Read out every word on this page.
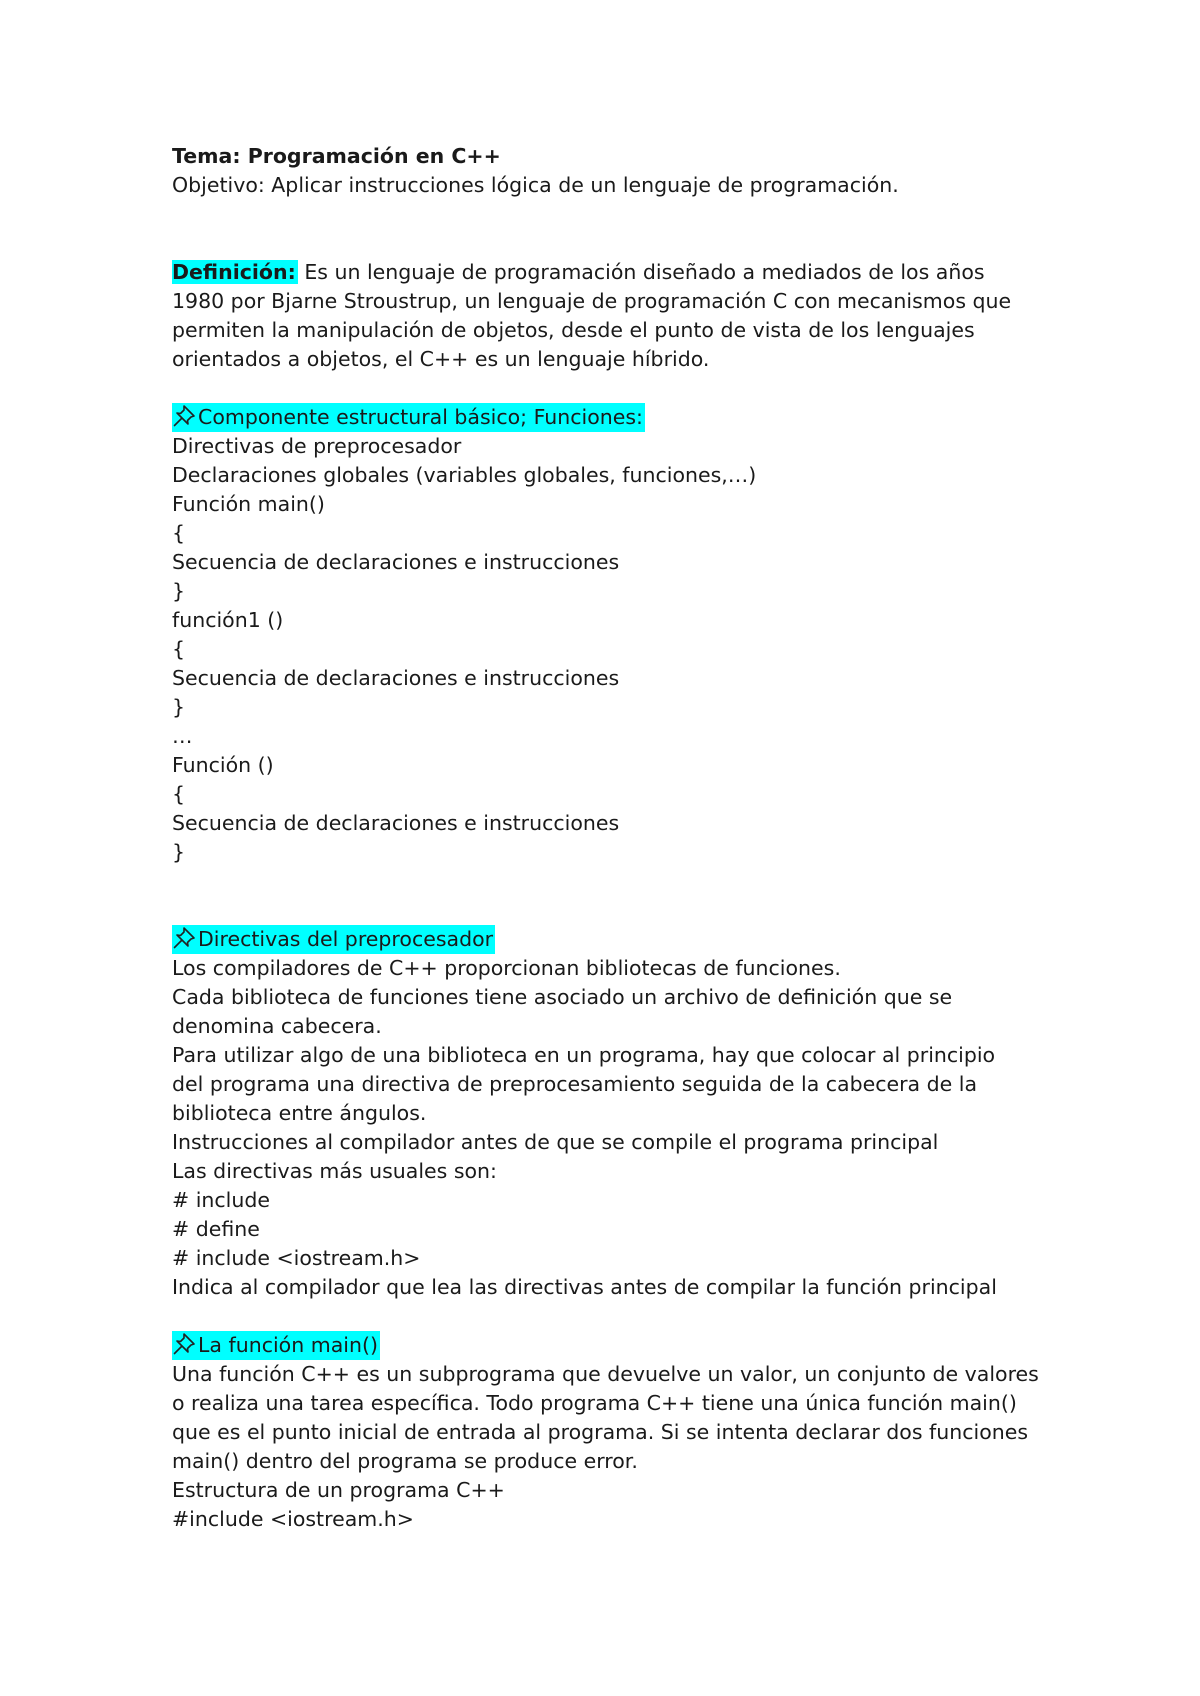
Tema: Programación en C++

Objetivo: Aplicar instrucciones lógica de un lenguaje de programación.

Definición: Es un lenguaje de programación diseñado a mediados de los años

1980 por Bjarne Stroustrup, un lenguaje de programación C con mecanismos que

permiten la manipulación de objetos, desde el punto de vista de los lenguajes

orientados a objetos, el C++ es un lenguaje híbrido.

Componente estructural básico; Funciones:

Directivas de preprocesador

Declaraciones globales (variables globales, funciones,…)

Función main()

{

Secuencia de declaraciones e instrucciones

}

función1 ()

{

Secuencia de declaraciones e instrucciones

}

…

Función ()

{

Secuencia de declaraciones e instrucciones

}

Directivas del preprocesador

Los compiladores de C++ proporcionan bibliotecas de funciones.

Cada biblioteca de funciones tiene asociado un archivo de definición que se

denomina cabecera.

Para utilizar algo de una biblioteca en un programa, hay que colocar al principio

del programa una directiva de preprocesamiento seguida de la cabecera de la

biblioteca entre ángulos.

Instrucciones al compilador antes de que se compile el programa principal

Las directivas más usuales son:

# include

# define

# include <iostream.h>

Indica al compilador que lea las directivas antes de compilar la función principal

La función main()

Una función C++ es un subprograma que devuelve un valor, un conjunto de valores

o realiza una tarea específica. Todo programa C++ tiene una única función main()

que es el punto inicial de entrada al programa. Si se intenta declarar dos funciones

main() dentro del programa se produce error.

Estructura de un programa C++

#include <iostream.h>
